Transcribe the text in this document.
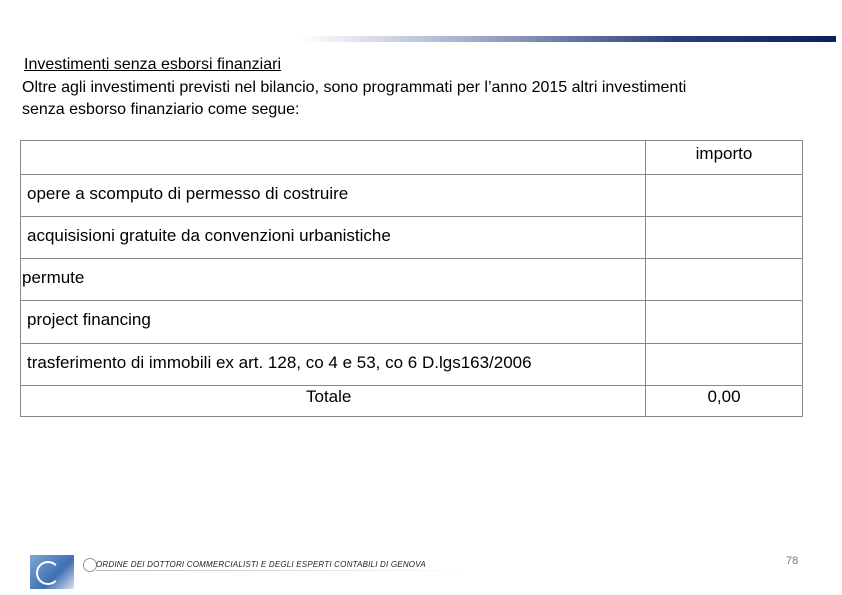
Investimenti senza esborsi finanziari
Oltre agli investimenti previsti nel bilancio, sono programmati per l’anno 2015 altri investimenti senza esborso finanziario come segue:

	importo

opere a scomputo di permesso di costruire	

acquisisioni gratuite da convenzioni urbanistiche	

permute	

project financing	

trasferimento di immobili ex art. 128, co 4 e 53, co 6 D.lgs163/2006	

Totale	0,00
ORDINE DEI DOTTORI COMMERCIALISTI E DEGLI ESPERTI CONTABILI DI GENOVA	78
